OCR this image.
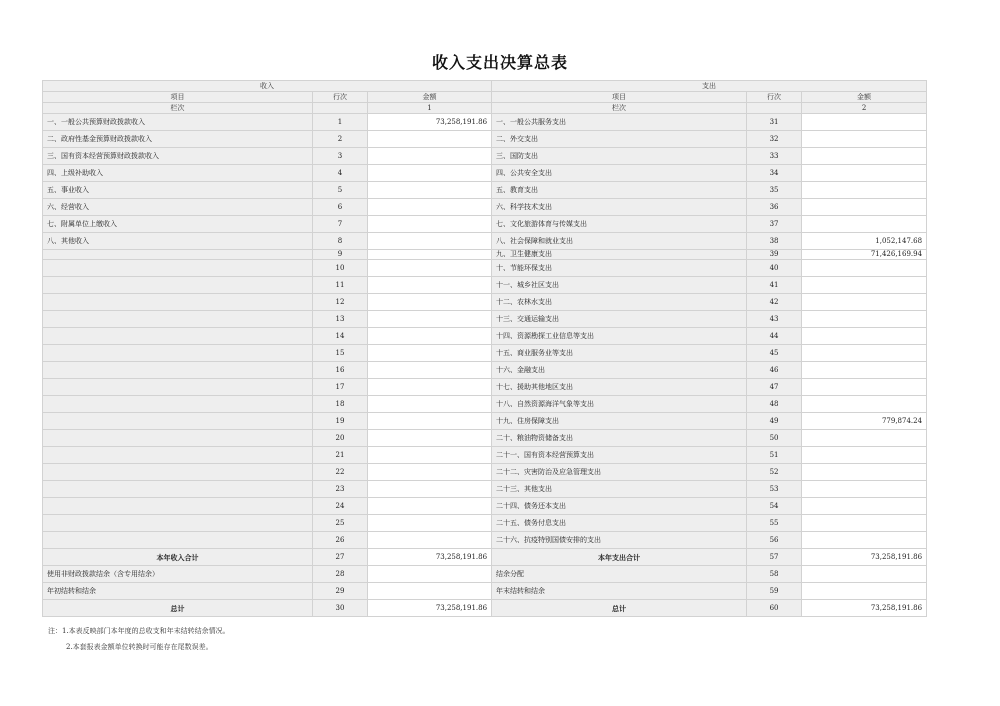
收入支出决算总表
收入			支出		
项目	行次	金额	项目	行次	金额
栏次		1	栏次		2
一、一般公共预算财政拨款收入	1	73,258,191.86	一、一般公共服务支出	31	
二、政府性基金预算财政拨款收入	2		二、外交支出	32	
三、国有资本经营预算财政拨款收入	3		三、国防支出	33	
四、上级补助收入	4		四、公共安全支出	34	
五、事业收入	5		五、教育支出	35	
六、经营收入	6		六、科学技术支出	36	
七、附属单位上缴收入	7		七、文化旅游体育与传媒支出	37	
八、其他收入	8		八、社会保障和就业支出	38	1,052,147.68
	9		九、卫生健康支出	39	71,426,169.94
	10		十、节能环保支出	40	
	11		十一、城乡社区支出	41	
	12		十二、农林水支出	42	
	13		十三、交通运输支出	43	
	14		十四、资源勘探工业信息等支出	44	
	15		十五、商业服务业等支出	45	
	16		十六、金融支出	46	
	17		十七、援助其他地区支出	47	
	18		十八、自然资源海洋气象等支出	48	
	19		十九、住房保障支出	49	779,874.24
	20		二十、粮油物资储备支出	50	
	21		二十一、国有资本经营预算支出	51	
	22		二十二、灾害防治及应急管理支出	52	
	23		二十三、其他支出	53	
	24		二十四、债务还本支出	54	
	25		二十五、债务付息支出	55	
	26		二十六、抗疫特别国债安排的支出	56	
本年收入合计	27	73,258,191.86	本年支出合计	57	73,258,191.86
使用非财政拨款结余（含专用结余）	28		结余分配	58	
年初结转和结余	29		年末结转和结余	59	
总计	30	73,258,191.86	总计	60	73,258,191.86
注：1.本表反映部门本年度的总收支和年末结转结余情况。
2.本套报表金额单位转换时可能存在尾数误差。
